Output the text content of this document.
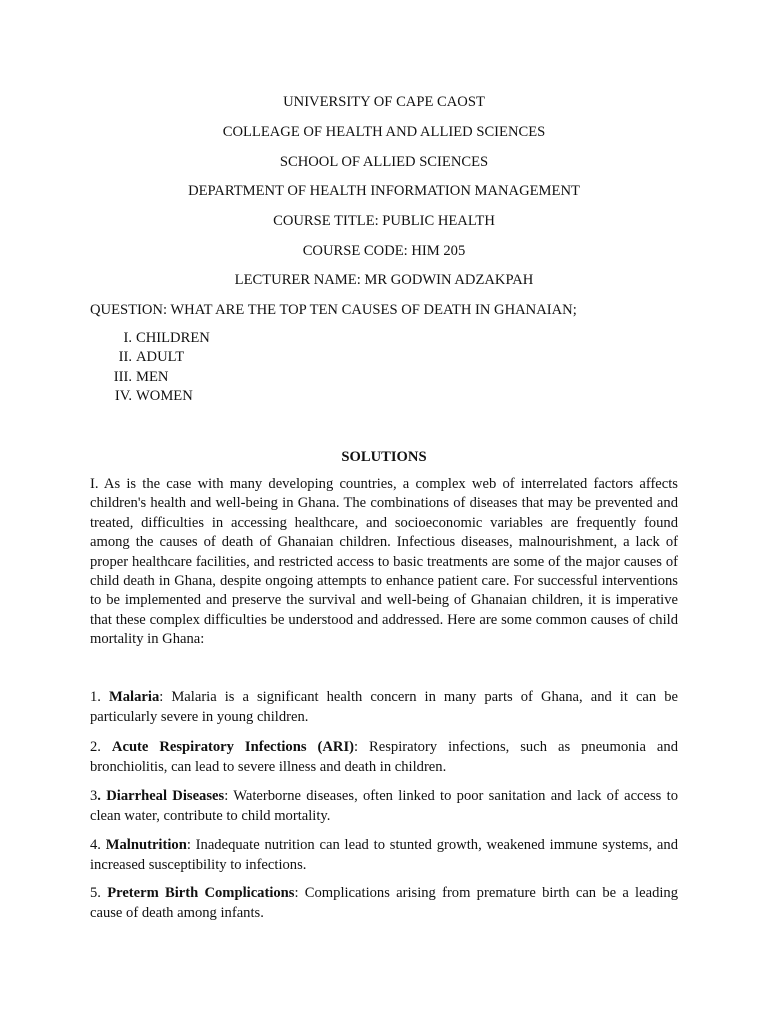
UNIVERSITY OF CAPE CAOST
COLLEAGE OF HEALTH AND ALLIED SCIENCES
SCHOOL OF ALLIED SCIENCES
DEPARTMENT OF HEALTH INFORMATION MANAGEMENT
COURSE TITLE: PUBLIC HEALTH
COURSE CODE: HIM 205
LECTURER NAME: MR GODWIN ADZAKPAH
QUESTION: WHAT ARE THE TOP TEN CAUSES OF DEATH IN GHANAIAN;
I. CHILDREN
II. ADULT
III. MEN
IV. WOMEN
SOLUTIONS
I. As is the case with many developing countries, a complex web of interrelated factors affects children's health and well-being in Ghana. The combinations of diseases that may be prevented and treated, difficulties in accessing healthcare, and socioeconomic variables are frequently found among the causes of death of Ghanaian children. Infectious diseases, malnourishment, a lack of proper healthcare facilities, and restricted access to basic treatments are some of the major causes of child death in Ghana, despite ongoing attempts to enhance patient care. For successful interventions to be implemented and preserve the survival and well-being of Ghanaian children, it is imperative that these complex difficulties be understood and addressed. Here are some common causes of child mortality in Ghana:
1. Malaria: Malaria is a significant health concern in many parts of Ghana, and it can be particularly severe in young children.
2. Acute Respiratory Infections (ARI): Respiratory infections, such as pneumonia and bronchiolitis, can lead to severe illness and death in children.
3. Diarrheal Diseases: Waterborne diseases, often linked to poor sanitation and lack of access to clean water, contribute to child mortality.
4. Malnutrition: Inadequate nutrition can lead to stunted growth, weakened immune systems, and increased susceptibility to infections.
5. Preterm Birth Complications: Complications arising from premature birth can be a leading cause of death among infants.
